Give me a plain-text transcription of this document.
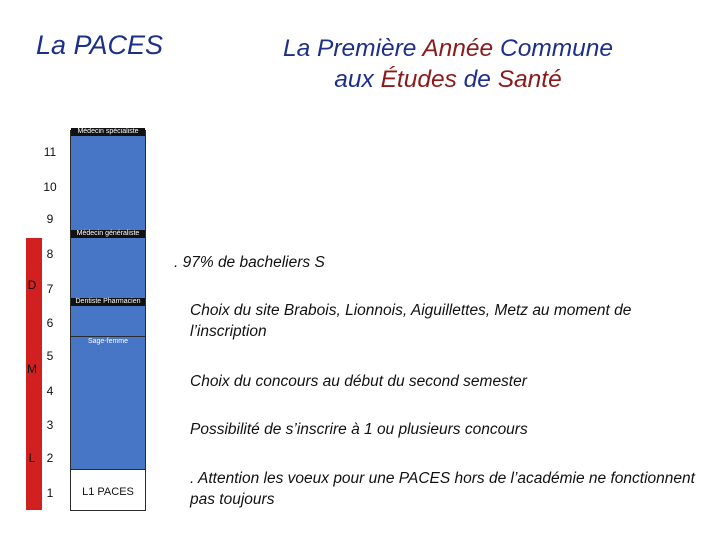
La PACES	La Première Année Commune
aux Études de Santé
D
M
L
11
10
9
8
7
6
5
4
3
2
1
Médecin spécialiste
Médecin généraliste
Dentiste Pharmacien
Sage-femme
L1 PACES
. 97% de bacheliers S
Choix du site Brabois, Lionnois, Aiguillettes, Metz au moment de l’inscription
Choix du concours au début du second semester
Possibilité de s’inscrire à 1 ou plusieurs concours
. Attention les voeux pour une PACES hors de l’académie ne fonctionnent pas toujours
